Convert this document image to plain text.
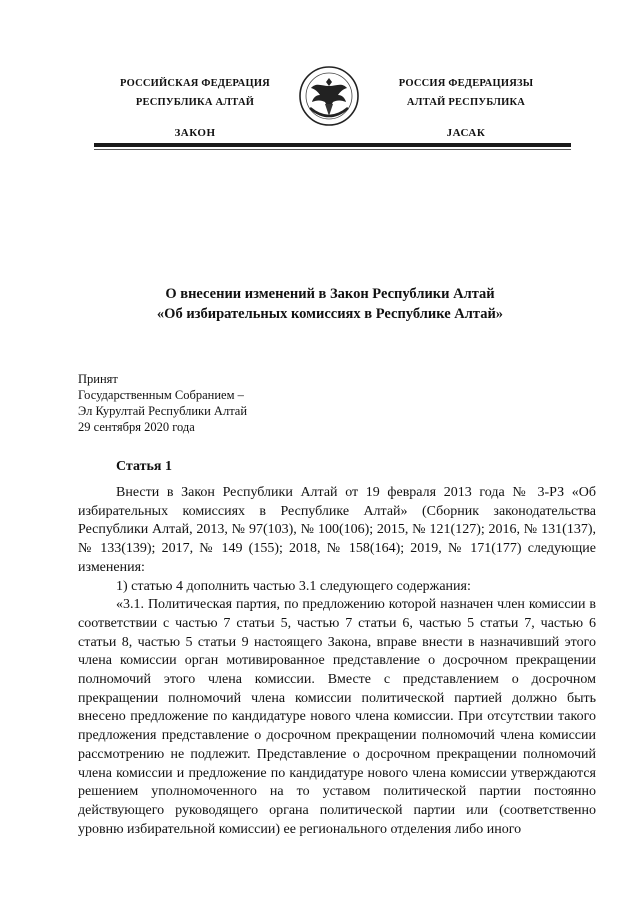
РОССИЙСКАЯ ФЕДЕРАЦИЯ
РЕСПУБЛИКА АЛТАЙ
ЗАКОН
РОССИЯ ФЕДЕРАЦИЯЗЫ
АЛТАЙ РЕСПУБЛИКА
JАСАК
О внесении изменений в Закон Республики Алтай
«Об избирательных комиссиях в Республике Алтай»
Принят
Государственным Собранием –
Эл Курултай Республики Алтай
29 сентября 2020 года
Статья 1

Внести в Закон Республики Алтай от 19 февраля 2013 года № 3-РЗ «Об избирательных комиссиях в Республике Алтай» (Сборник законодательства Республики Алтай, 2013, № 97(103), № 100(106); 2015, № 121(127); 2016, № 131(137), № 133(139); 2017, № 149 (155); 2018, № 158(164); 2019, № 171(177) следующие изменения:

1) статью 4 дополнить частью 3.1 следующего содержания:

«3.1. Политическая партия, по предложению которой назначен член комиссии в соответствии с частью 7 статьи 5, частью 7 статьи 6, частью 5 статьи 7, частью 6 статьи 8, частью 5 статьи 9 настоящего Закона, вправе внести в назначивший этого члена комиссии орган мотивированное представление о досрочном прекращении полномочий этого члена комиссии. Вместе с представлением о досрочном прекращении полномочий члена комиссии политической партией должно быть внесено предложение по кандидатуре нового члена комиссии. При отсутствии такого предложения представление о досрочном прекращении полномочий члена комиссии рассмотрению не подлежит. Представление о досрочном прекращении полномочий члена комиссии и предложение по кандидатуре нового члена комиссии утверждаются решением уполномоченного на то уставом политической партии постоянно действующего руководящего органа политической партии или (соответственно уровню избирательной комиссии) ее регионального отделения либо иного
